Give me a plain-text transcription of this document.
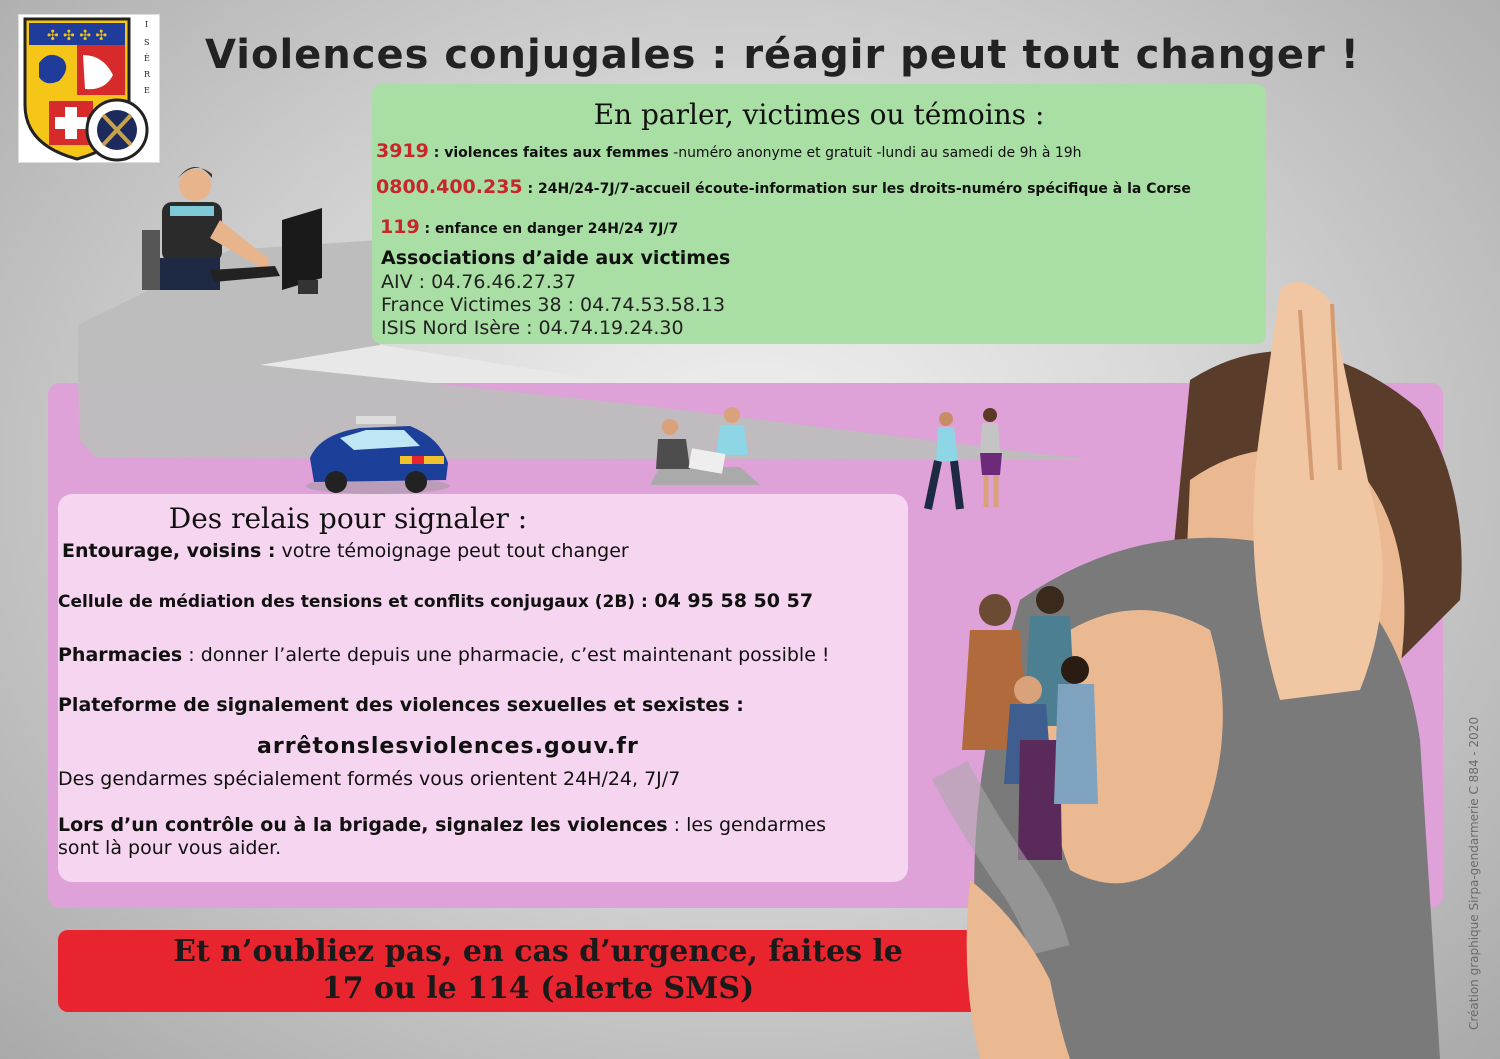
✣ ✣ ✣ ✣
I
S
È
R
E
Violences conjugales : réagir peut tout changer !
En parler, victimes ou témoins :
3919 : violences faites aux femmes -numéro anonyme et gratuit -lundi au samedi de 9h à 19h
0800.400.235 : 24H/24-7J/7-accueil écoute-information sur les droits-numéro spécifique à la Corse
119 : enfance en danger 24H/24 7J/7
Associations d’aide aux victimes
AIV : 04.76.46.27.37
France Victimes 38 : 04.74.53.58.13
ISIS Nord Isère : 04.74.19.24.30
Des relais pour signaler :
Entourage, voisins : votre témoignage peut tout changer
Cellule de médiation des tensions et conflits conjugaux (2B) : 04 95 58 50 57
Pharmacies : donner l’alerte depuis une pharmacie, c’est maintenant possible !
Plateforme de signalement des violences sexuelles et sexistes :
arrêtonslesviolences.gouv.fr
Des gendarmes spécialement formés vous orientent 24H/24, 7J/7
Lors d’un contrôle ou à la brigade, signalez les violences : les gendarmes
sont là pour vous aider.
Et n’oubliez pas, en cas d’urgence, faites le
17 ou le 114 (alerte SMS)	Création graphique Sirpa-gendarmerie C 884 - 2020
